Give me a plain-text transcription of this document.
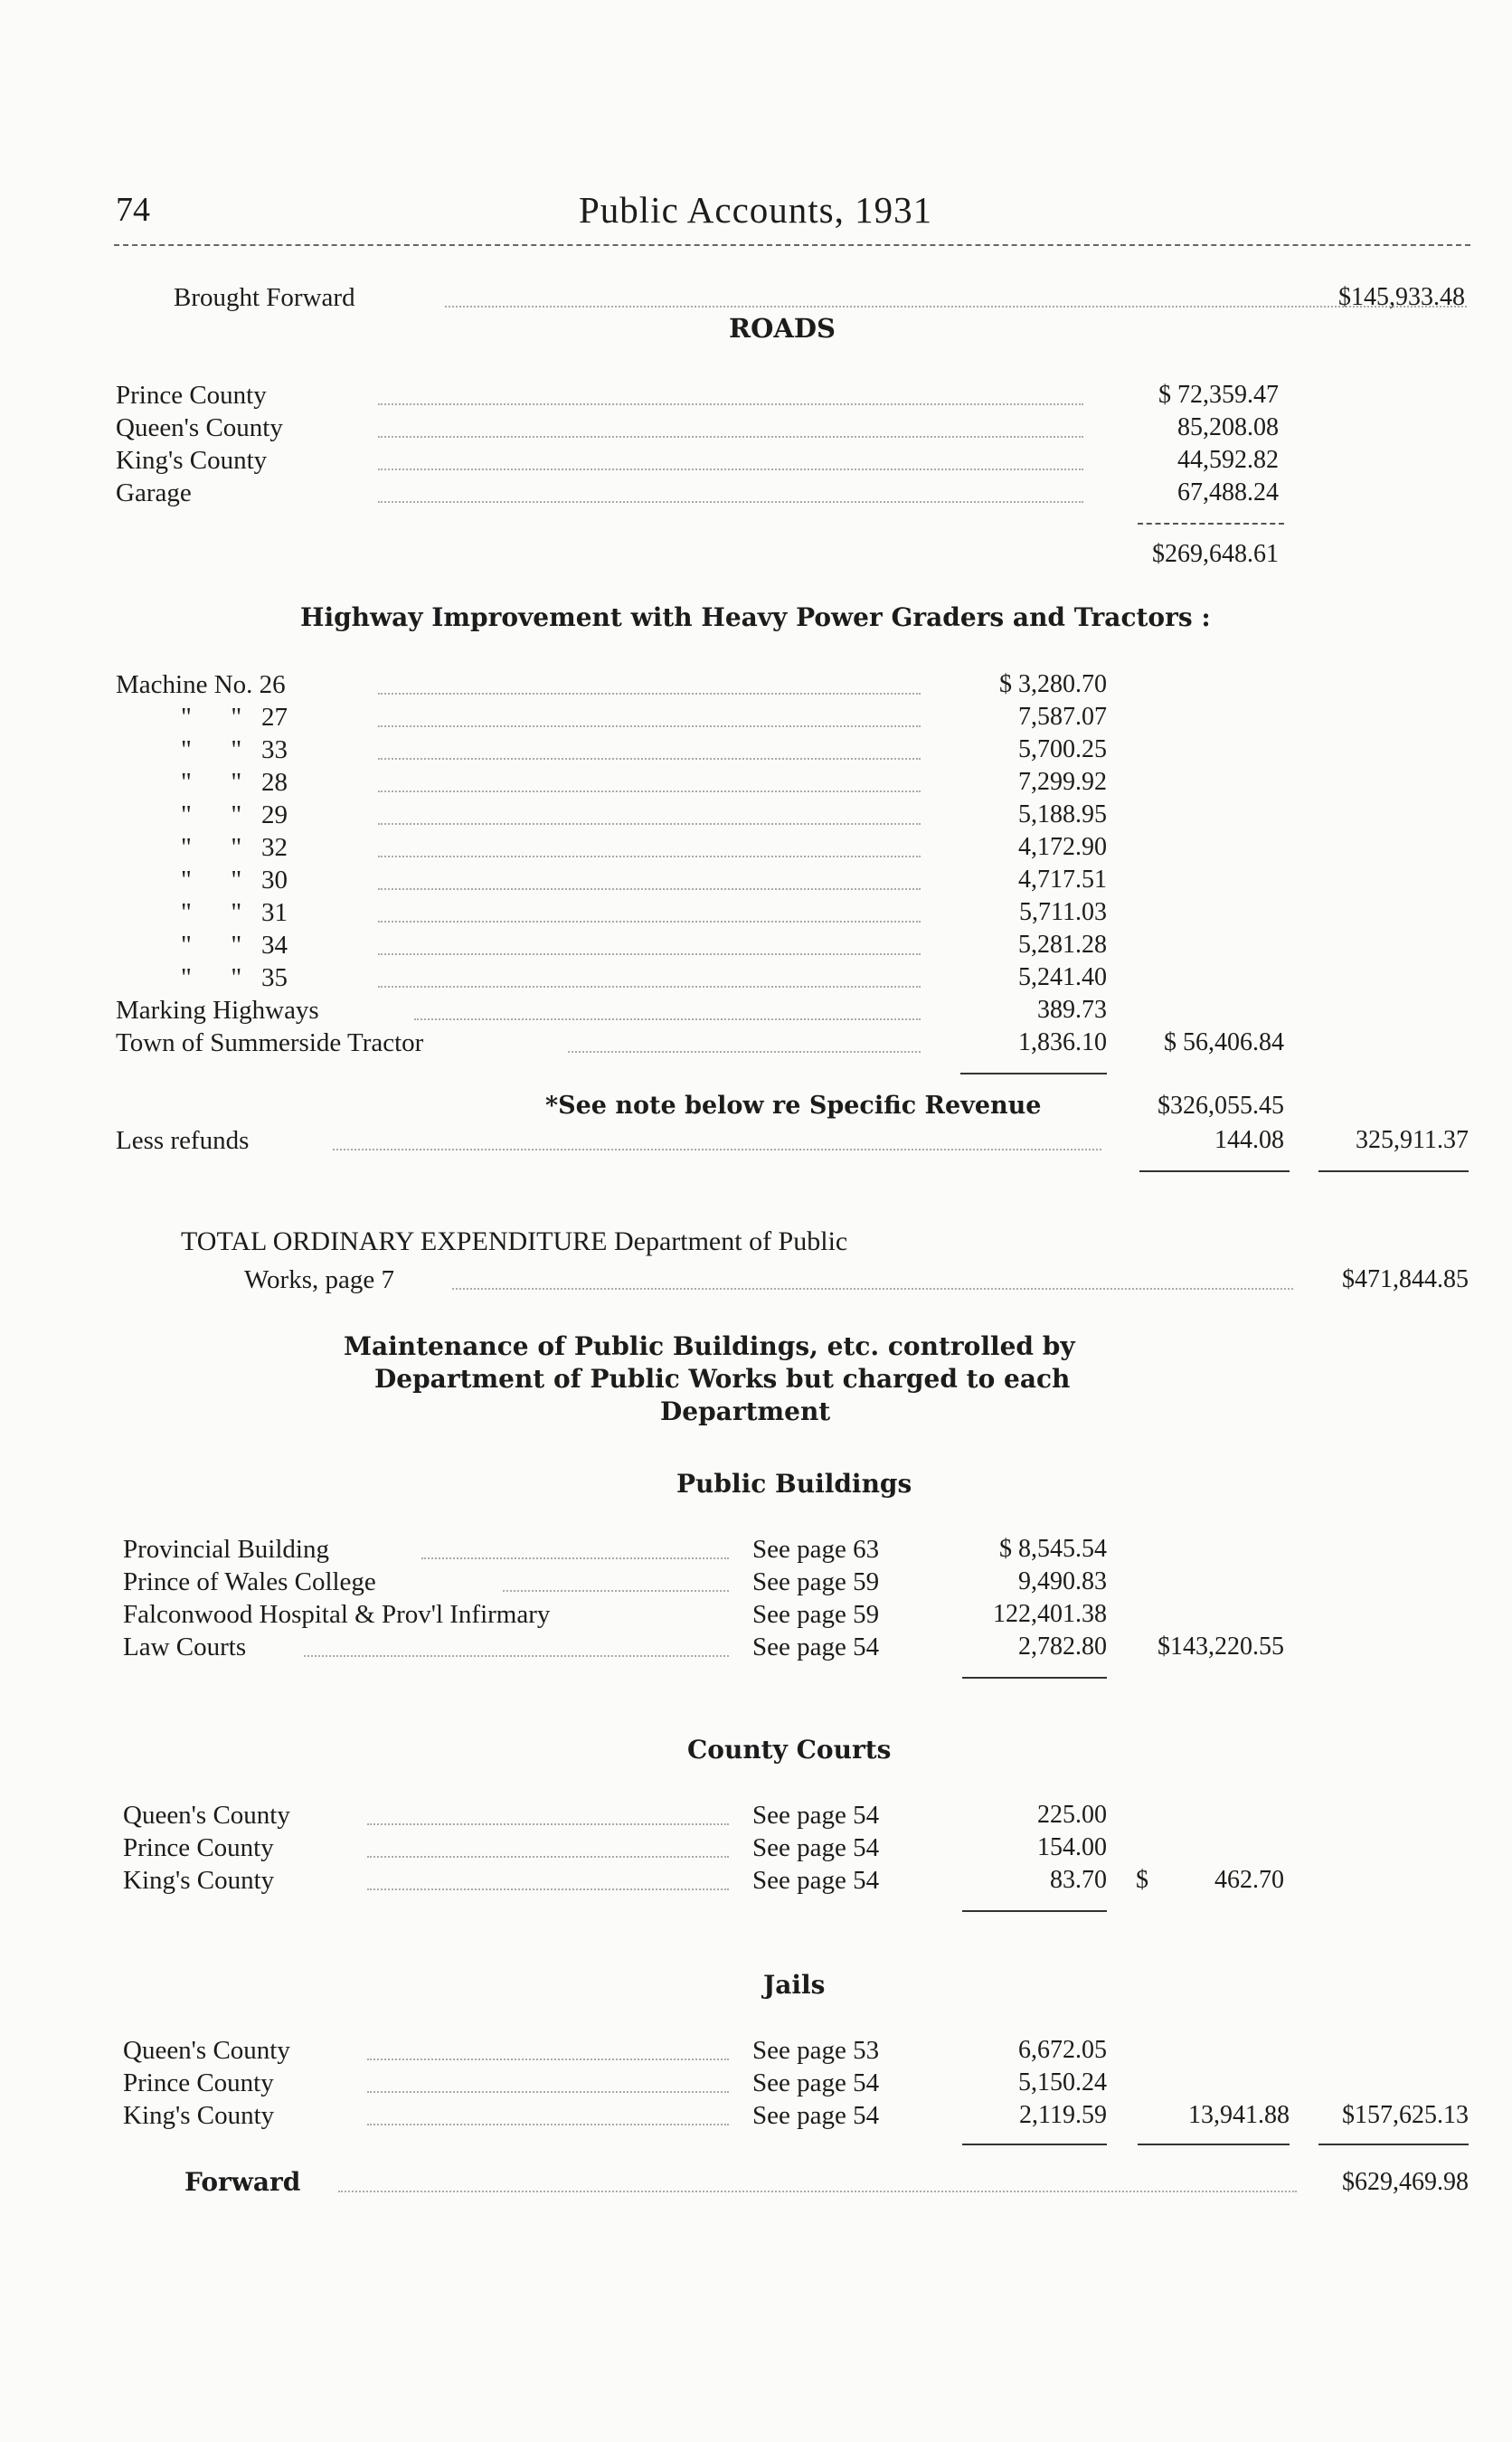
74	Public Accounts, 1931
Brought Forward	$145,933.48
ROADS
Prince County	$ 72,359.47
Queen's County	85,208.08
King's County	44,592.82
Garage	67,488.24
$269,648.61
Highway Improvement with Heavy Power Graders and Tractors :
Machine No. 26	$ 3,280.70
" " 27	7,587.07
" " 33	5,700.25
" " 28	7,299.92
" " 29	5,188.95
" " 32	4,172.90
" " 30	4,717.51
" " 31	5,711.03
" " 34	5,281.28
" " 35	5,241.40
Marking Highways	389.73
Town of Summerside Tractor	1,836.10 $ 56,406.84
*See note below re Specific Revenue	$326,055.45
Less refunds	144.08	325,911.37
TOTAL ORDINARY EXPENDITURE Department of Public
Works, page 7	$471,844.85
Maintenance of Public Buildings, etc. controlled by
Department of Public Works but charged to each
Department
Public Buildings
Provincial Building	See page 63	$ 8,545.54
Prince of Wales College	See page 59	9,490.83
Falconwood Hospital & Prov'l Infirmary	See page 59	122,401.38
Law Courts	See page 54	2,782.80 $143,220.55
County Courts
Queen's County	See page 54	225.00
Prince County	See page 54	154.00
King's County	See page 54	83.70 $	462.70
Jails
Queen's County	See page 53	6,672.05
Prince County	See page 54	5,150.24
King's County	See page 54	2,119.59	13,941.88 $157,625.13
Forward	$629,469.98
